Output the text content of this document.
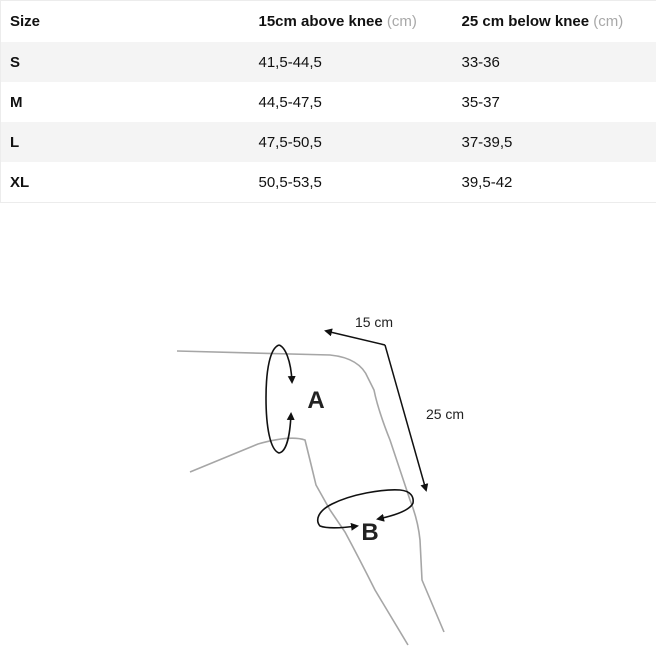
Size	15cm above knee (cm)	25 cm below knee (cm)
S	41,5-44,5	33-36
M	44,5-47,5	35-37
L	47,5-50,5	37-39,5
XL	50,5-53,5	39,5-42
15 cm
25 cm
A
B
